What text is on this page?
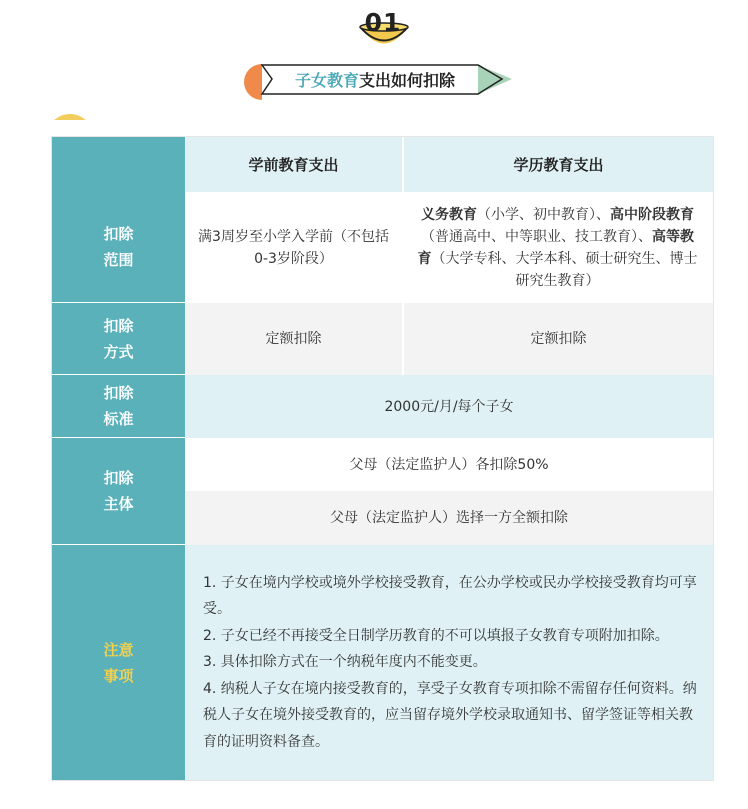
01
子女教育 支出如何扣除
学前教育支出	学历教育支出
扣除
范围
满3周岁至小学入学前（不包括0-3岁阶段）
义务教育（小学、初中教育）、高中阶段教育（普通高中、中等职业、技工教育）、高等教育（大学专科、大学本科、硕士研究生、博士研究生教育）
扣除
方式
定额扣除	定额扣除
扣除
标准
2000元/月/每个子女
扣除
主体
父母（法定监护人）各扣除50%
父母（法定监护人）选择一方全额扣除
注意
事项

1. 子女在境内学校或境外学校接受教育，在公办学校或民办学校接受教育均可享受。

2. 子女已经不再接受全日制学历教育的不可以填报子女教育专项附加扣除。

3. 具体扣除方式在一个纳税年度内不能变更。

4. 纳税人子女在境内接受教育的，享受子女教育专项扣除不需留存任何资料。纳税人子女在境外接受教育的，应当留存境外学校录取通知书、留学签证等相关教育的证明资料备查。
